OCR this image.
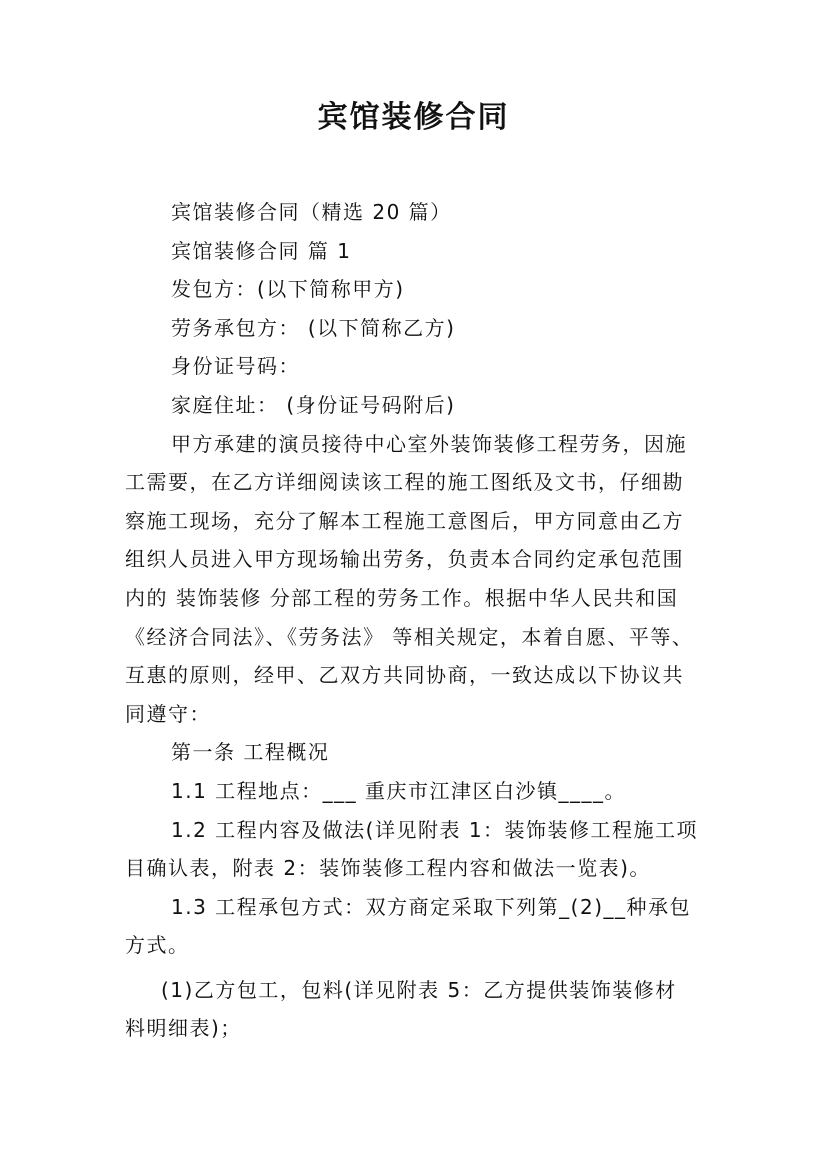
宾馆装修合同

宾馆装修合同（精选 20 篇）

宾馆装修合同 篇 1

发包方：(以下简称甲方)

劳务承包方： (以下简称乙方)

身份证号码：

家庭住址： (身份证号码附后)

甲方承建的演员接待中心室外装饰装修工程劳务，因施

工需要，在乙方详细阅读该工程的施工图纸及文书，仔细勘

察施工现场，充分了解本工程施工意图后，甲方同意由乙方

组织人员进入甲方现场输出劳务，负责本合同约定承包范围

内的 装饰装修 分部工程的劳务工作。根据中华人民共和国

《经济合同法》、《劳务法》 等相关规定，本着自愿、平等、

互惠的原则，经甲、乙双方共同协商，一致达成以下协议共

同遵守：

第一条 工程概况

1.1 工程地点：___ 重庆市江津区白沙镇____。

1.2 工程内容及做法(详见附表 1：装饰装修工程施工项

目确认表，附表 2：装饰装修工程内容和做法一览表)。

1.3 工程承包方式：双方商定采取下列第_(2)__种承包

方式。

(1)乙方包工，包料(详见附表 5：乙方提供装饰装修材

料明细表)；
